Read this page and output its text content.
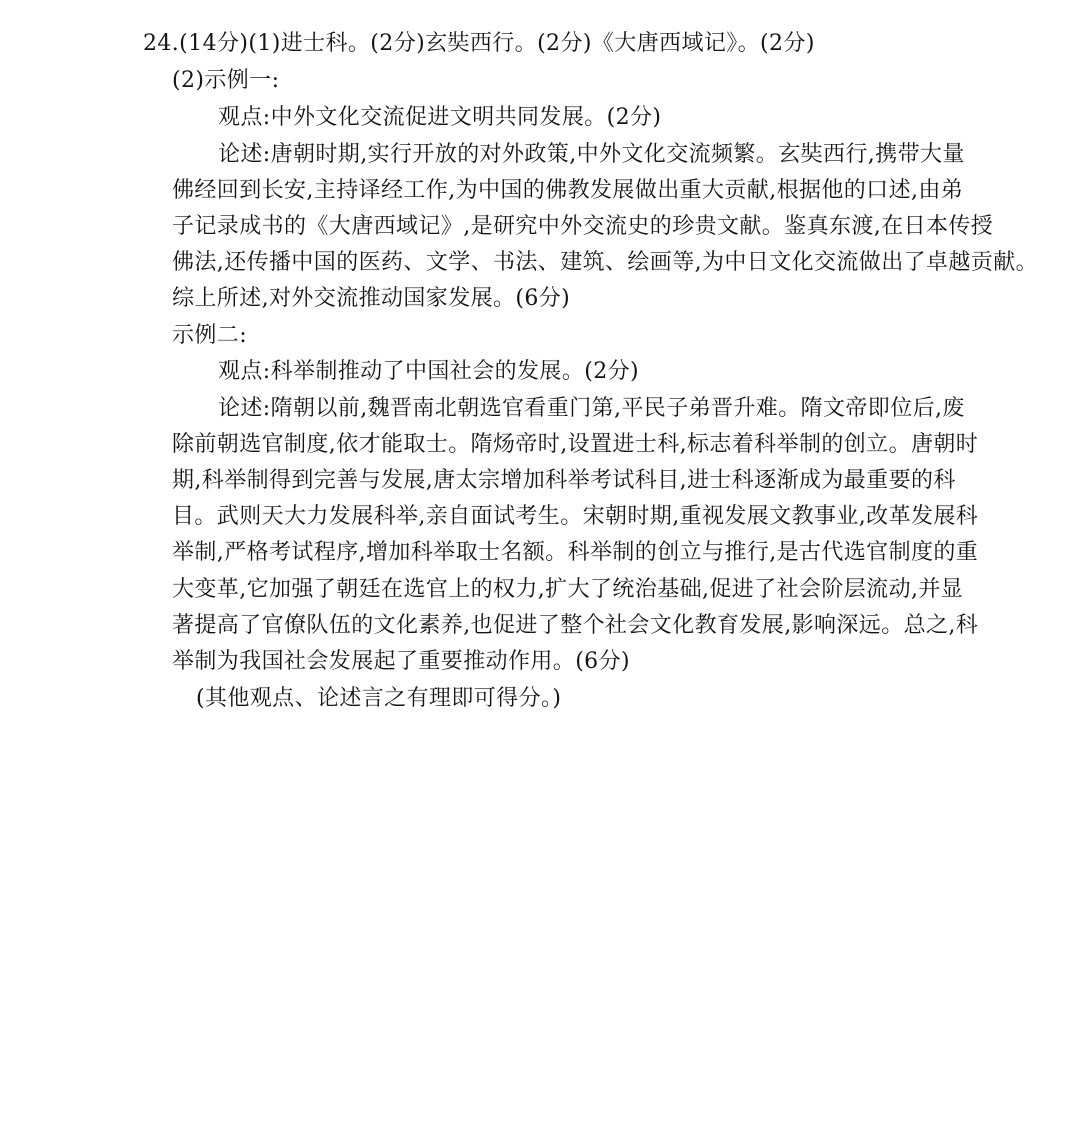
24.(14分)(1)进士科。(2分)玄奘西行。(2分)《大唐西域记》。(2分)
(2)示例一:
观点:中外文化交流促进文明共同发展。(2分)
论述:唐朝时期,实行开放的对外政策,中外文化交流频繁。玄奘西行,携带大量
佛经回到长安,主持译经工作,为中国的佛教发展做出重大贡献,根据他的口述,由弟
子记录成书的《大唐西域记》,是研究中外交流史的珍贵文献。鉴真东渡,在日本传授
佛法,还传播中国的医药、文学、书法、建筑、绘画等,为中日文化交流做出了卓越贡献。
综上所述,对外交流推动国家发展。(6分)
示例二:
观点:科举制推动了中国社会的发展。(2分)
论述:隋朝以前,魏晋南北朝选官看重门第,平民子弟晋升难。隋文帝即位后,废
除前朝选官制度,依才能取士。隋炀帝时,设置进士科,标志着科举制的创立。唐朝时
期,科举制得到完善与发展,唐太宗增加科举考试科目,进士科逐渐成为最重要的科
目。武则天大力发展科举,亲自面试考生。宋朝时期,重视发展文教事业,改革发展科
举制,严格考试程序,增加科举取士名额。科举制的创立与推行,是古代选官制度的重
大变革,它加强了朝廷在选官上的权力,扩大了统治基础,促进了社会阶层流动,并显
著提高了官僚队伍的文化素养,也促进了整个社会文化教育发展,影响深远。总之,科
举制为我国社会发展起了重要推动作用。(6分)
(其他观点、论述言之有理即可得分。)
